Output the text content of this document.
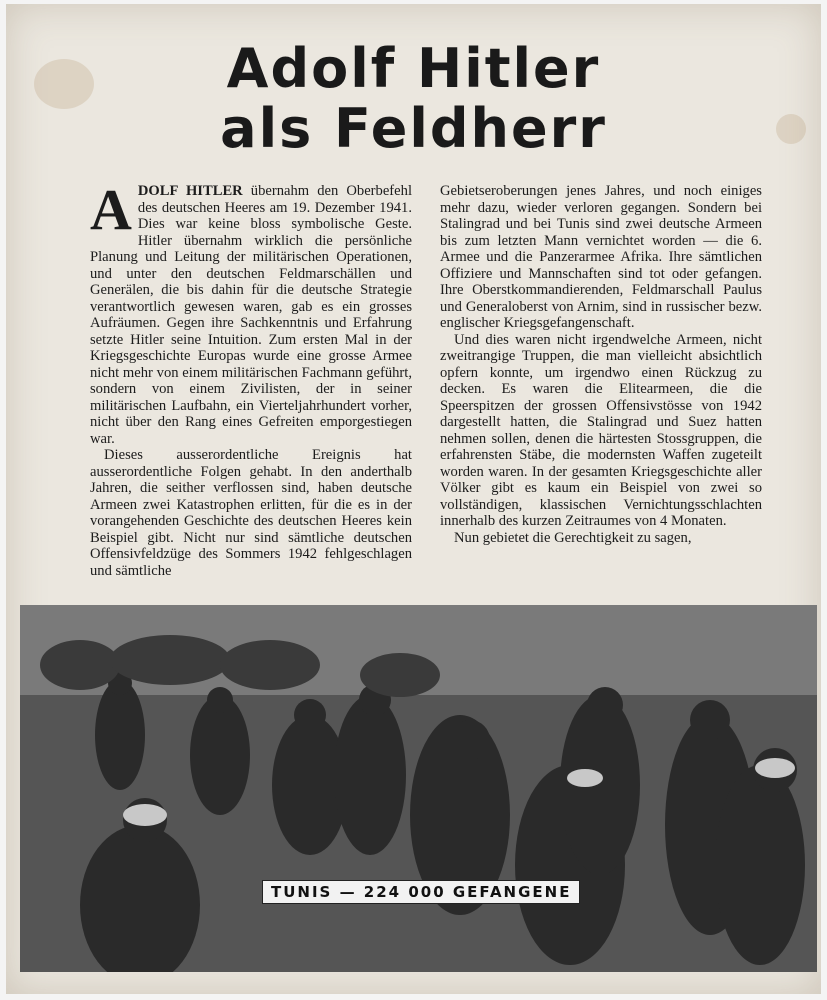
Adolf Hitler
als Feldherr

ADOLF HITLER übernahm den Oberbefehl des deutschen Heeres am 19. Dezember 1941. Dies war keine bloss symbolische Geste. Hitler übernahm wirklich die persönliche Planung und Leitung der militärischen Operationen, und unter den deutschen Feldmarschällen und Generälen, die bis dahin für die deutsche Strategie verantwortlich gewesen waren, gab es ein grosses Aufräumen. Gegen ihre Sachkenntnis und Erfahrung setzte Hitler seine Intuition. Zum ersten Mal in der Kriegsgeschichte Europas wurde eine grosse Armee nicht mehr von einem militärischen Fachmann geführt, sondern von einem Zivilisten, der in seiner militärischen Laufbahn, ein Vierteljahrhundert vorher, nicht über den Rang eines Gefreiten emporgestiegen war.

Dieses ausserordentliche Ereignis hat ausserordentliche Folgen gehabt. In den anderthalb Jahren, die seither verflossen sind, haben deutsche Armeen zwei Katastrophen erlitten, für die es in der vorangehenden Geschichte des deutschen Heeres kein Beispiel gibt. Nicht nur sind sämtliche deutschen Offensivfeldzüge des Sommers 1942 fehlgeschlagen und sämtliche

Gebietseroberungen jenes Jahres, und noch einiges mehr dazu, wieder verloren gegangen. Sondern bei Stalingrad und bei Tunis sind zwei deutsche Armeen bis zum letzten Mann vernichtet worden — die 6. Armee und die Panzerarmee Afrika. Ihre sämtlichen Offiziere und Mannschaften sind tot oder gefangen. Ihre Oberstkommandierenden, Feldmarschall Paulus und Generaloberst von Arnim, sind in russischer bezw. englischer Kriegsgefangenschaft.

Und dies waren nicht irgendwelche Armeen, nicht zweitrangige Truppen, die man vielleicht absichtlich opfern konnte, um irgendwo einen Rückzug zu decken. Es waren die Elitearmeen, die die Speerspitzen der grossen Offensivstösse von 1942 dargestellt hatten, die Stalingrad und Suez hatten nehmen sollen, denen die härtesten Stossgruppen, die erfahrensten Stäbe, die modernsten Waffen zugeteilt worden waren. In der gesamten Kriegsgeschichte aller Völker gibt es kaum ein Beispiel von zwei so vollständigen, klassischen Vernichtungsschlachten innerhalb des kurzen Zeitraumes von 4 Monaten.

Nun gebietet die Gerechtigkeit zu sagen,

TUNIS — 224 000 GEFANGENE
